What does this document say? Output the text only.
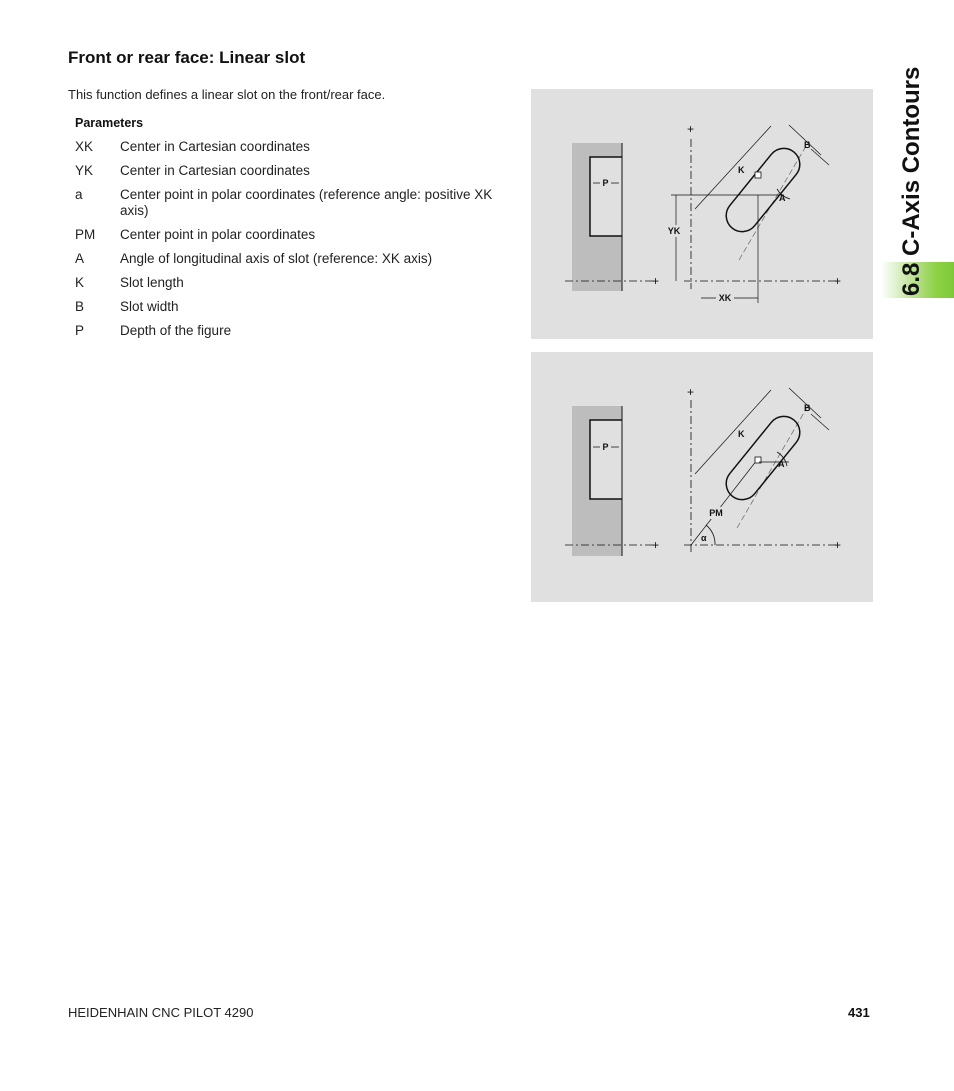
Front or rear face: Linear slot
This function defines a linear slot on the front/rear face.
Parameters
XK Center in Cartesian coordinates
YK Center in Cartesian coordinates
a	Center point in polar coordinates (reference angle: positive XK axis)
PM Center point in polar coordinates
A	Angle of longitudinal axis of slot (reference: XK axis)
K	Slot length
B	Slot width
P	Depth of the figure
P
+
+
+
YK
XK
A
K
B
P
+
+
+
PM
α
A
K
B
6.8 C-Axis Contours
HEIDENHAIN CNC PILOT 4290	431
